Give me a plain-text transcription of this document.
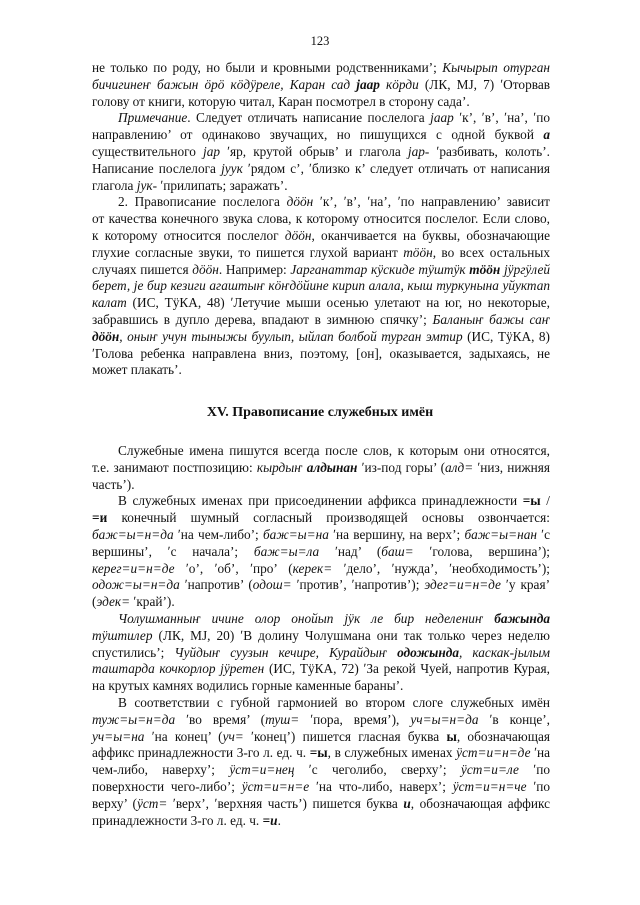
123
не только по роду, но были и кровными родственниками’; Кычырып отурган
бичигинеҥ бажын öрö кöдÿреле, Каран сад jаар кöрди (ЛК, МJ, 7) ʹОторвав
голову от книги, которую читал, Каран посмотрел в сторону сада’.
Примечание. Следует отличать написание послелога jаар ʹк’, ʹв’, ʹна’, ʹпо
направлению’ от одинаково звучащих, но пишущихся с одной буквой а
существительного jар ʹяр, крутой обрыв’ и глагола jар- ʹразбивать, колоть’.
Написание послелога jуук ʹрядом с’, ʹблизко к’ следует отличать от написания
глагола jук- ʹприлипать; заражать’.
2. Правописание послелога дööн ʹк’, ʹв’, ʹна’, ʹпо направлению’ зависит
от качества конечного звука слова, к которому относится послелог. Если слово,
к которому относится послелог дööн, оканчивается на буквы, обозначающие
глухие согласные звуки, то пишется глухой вариант тööн, во всех остальных
случаях пишется дööн. Например: Jарганаттар кÿскиде тÿштÿк тööн jÿргÿлей
берет, jе бир кезиги агаштыҥ кöҥдöйине кирип алала, кыш туркунына уйуктап
калат (ИС, ТÿКА, 48) ʹЛетучие мыши осенью улетают на юг, но некоторые,
забравшись в дупло дерева, впадают в зимнюю спячку’; Баланыҥ бажы саҥ
дööн, оныҥ учун тыныжы буулып, ыйлап болбой турган эмтир (ИС, ТÿКА, 8)
ʹГолова ребенка направлена вниз, поэтому, [он], оказывается, задыхаясь, не
может плакать’.
XV. Правописание служебных имён
Служебные имена пишутся всегда после слов, к которым они относятся,
т.е. занимают постпозицию: кырдыҥ алдынан ʹиз-под горы’ (алд= ʹниз, нижняя
часть’).
В служебных именах при присоединении аффикса принадлежности =ы /
=и конечный шумный согласный производящей основы озвончается:
баж=ы=н=да ʹна чем-либо’; баж=ы=на ʹна вершину, на верх’; баж=ы=нан ʹс
вершины’, ʹс начала’; баж=ы=ла ʹнад’ (баш= ʹголова, вершина’);
керег=и=н=де ʹо’, ʹоб’, ʹпро’ (керек= ʹдело’, ʹнужда’, ʹнеобходимость’);
одож=ы=н=да ʹнапротив’ (одош= ʹпротив’, ʹнапротив’); эдег=и=н=де ʹу края’
(эдек= ʹкрай’).
Чолушманныҥ ичине олор онойып jÿк ле бир неделениҥ бажында
тÿштилер (ЛК, МJ, 20) ʹВ долину Чолушмана они так только через неделю
спустились’; Чуйдыҥ суузын кечире, Курайдыҥ одожында, каскак-jылым
таштарда кочкорлор jÿретен (ИС, ТÿКА, 72) ʹЗа рекой Чуей, напротив Курая,
на крутых камнях водились горные каменные бараны’.
В соответствии с губной гармонией во втором слоге служебных имён
туж=ы=н=да ʹво время’ (туш= ʹпора, время’), уч=ы=н=да ʹв конце’,
уч=ы=на ʹна конец’ (уч= ʹконец’) пишется гласная буква ы, обозначающая
аффикс принадлежности 3-го л. ед. ч. =ы, в служебных именах ÿст=и=н=де ʹна
чем-либо, наверху’; ÿст=и=нең ʹс чеголибо, сверху’; ÿст=и=ле ʹпо
поверхности чего-либо’; ÿст=и=н=е ʹна что-либо, наверх’; ÿст=и=н=че ʹпо
верху’ (ÿст= ʹверх’, ʹверхняя часть’) пишется буква и, обозначающая аффикс
принадлежности 3-го л. ед. ч. =и.
